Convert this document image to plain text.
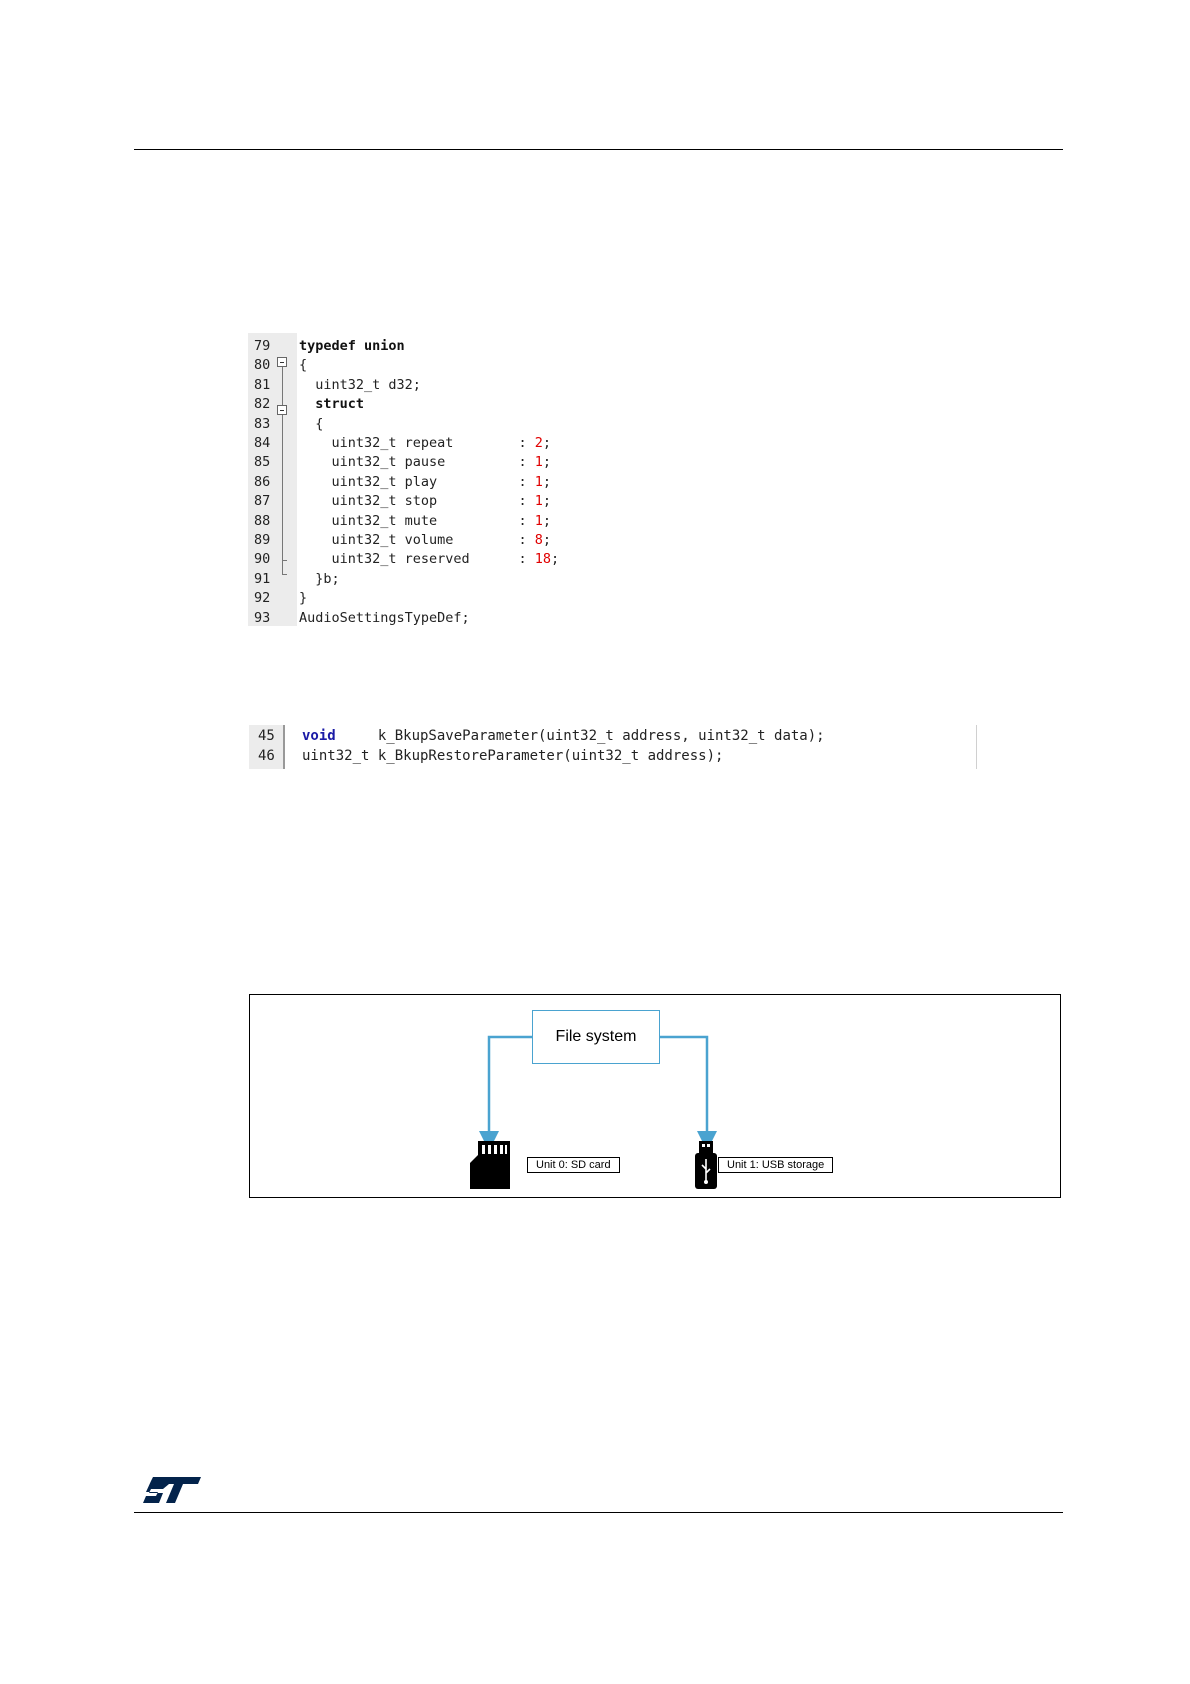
79	typedef union
80	{
81	uint32_t d32;
82	struct
83	{
84	uint32_t repeat        : 2;
85	uint32_t pause         : 1;
86	uint32_t play          : 1;
87	uint32_t stop          : 1;
88	uint32_t mute          : 1;
89	uint32_t volume        : 8;
90	uint32_t reserved      : 18;
91	}b;
92	}
93	AudioSettingsTypeDef;
45	void     k_BkupSaveParameter(uint32_t address, uint32_t data);
46	uint32_t k_BkupRestoreParameter(uint32_t address);
File system
Unit 0: SD card	Unit 1: USB storage
